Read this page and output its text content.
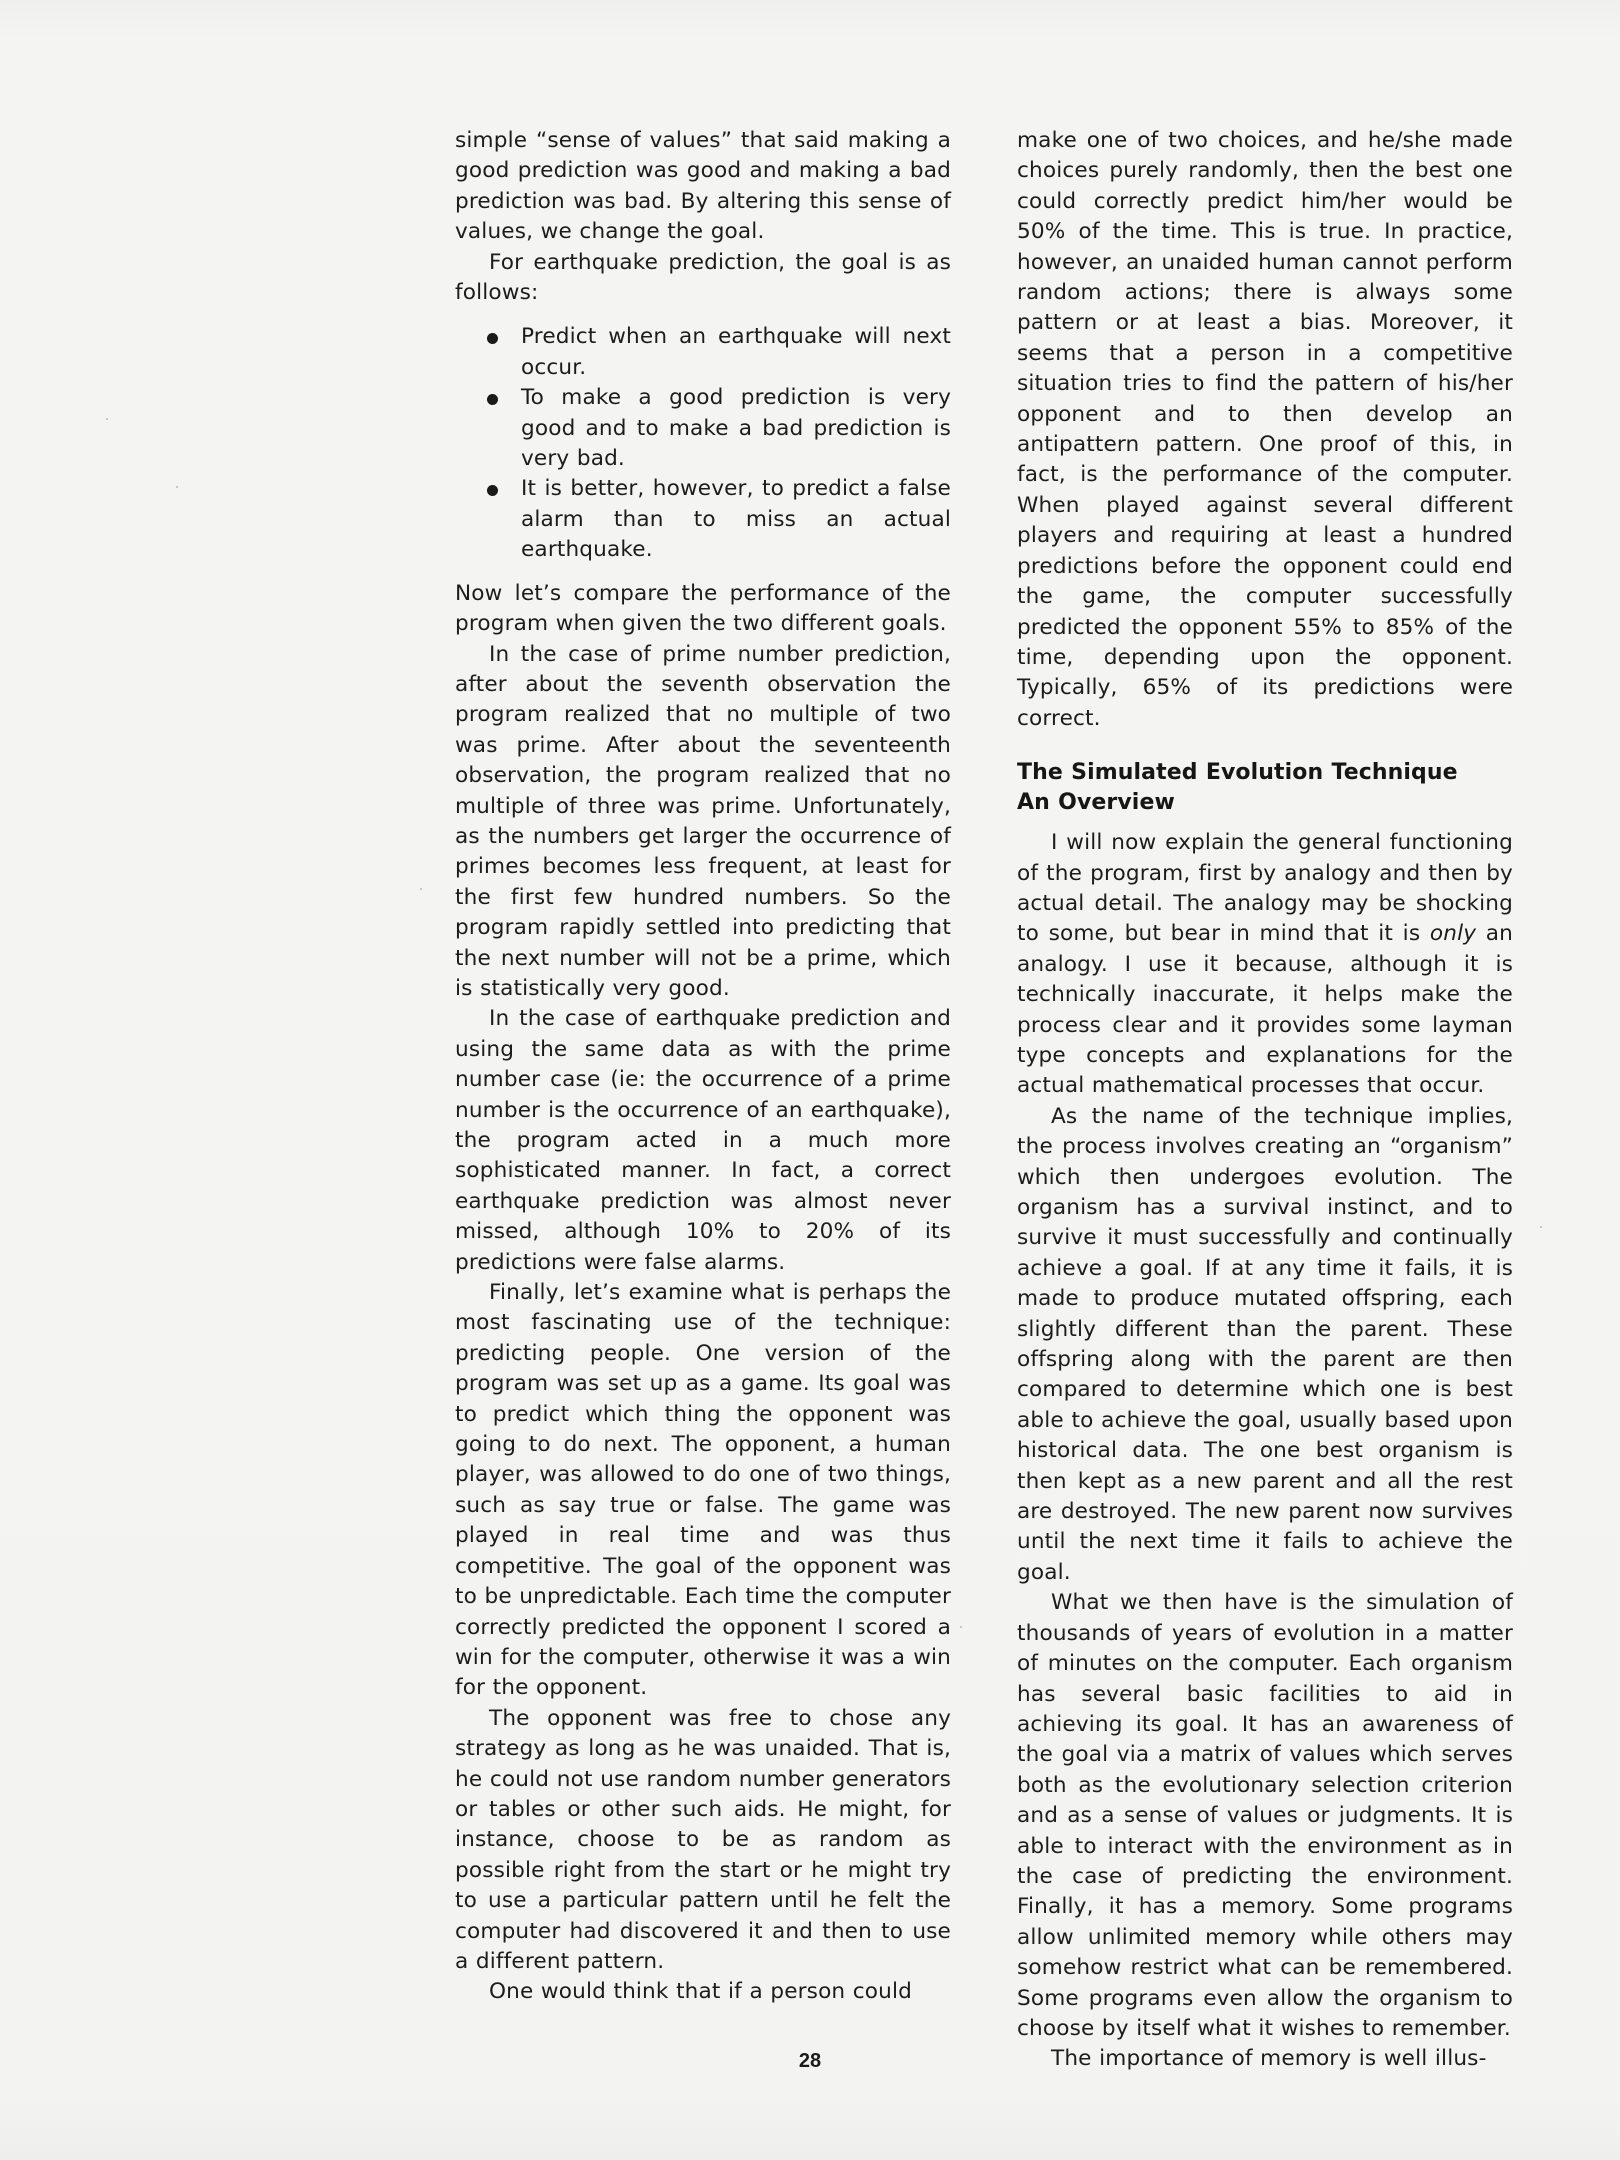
simple “sense of values” that said making a good prediction was good and making a bad prediction was bad. By altering this sense of values, we change the goal.

For earthquake prediction, the goal is as follows:

Predict when an earthquake will next occur.
To make a good prediction is very good and to make a bad prediction is very bad.
It is better, however, to predict a false alarm than to miss an actual earthquake.

Now let’s compare the performance of the program when given the two different goals.

In the case of prime number prediction, after about the seventh observation the program realized that no multiple of two was prime. After about the seventeenth observation, the program realized that no multiple of three was prime. Unfortunately, as the numbers get larger the occurrence of primes becomes less frequent, at least for the first few hundred numbers. So the program rapidly settled into predicting that the next number will not be a prime, which is statistically very good.

In the case of earthquake prediction and using the same data as with the prime number case (ie: the occurrence of a prime number is the occurrence of an earthquake), the program acted in a much more sophisticated manner. In fact, a correct earthquake prediction was almost never missed, although 10% to 20% of its predictions were false alarms.

Finally, let’s examine what is perhaps the most fascinating use of the technique: predicting people. One version of the program was set up as a game. Its goal was to predict which thing the opponent was going to do next. The opponent, a human player, was allowed to do one of two things, such as say true or false. The game was played in real time and was thus competitive. The goal of the opponent was to be unpredictable. Each time the computer correctly predicted the opponent I scored a win for the computer, otherwise it was a win for the opponent.

The opponent was free to chose any strategy as long as he was unaided. That is, he could not use random number generators or tables or other such aids. He might, for instance, choose to be as random as possible right from the start or he might try to use a particular pattern until he felt the computer had discovered it and then to use a different pattern.

One would think that if a person could

make one of two choices, and he/she made choices purely randomly, then the best one could correctly predict him/her would be 50% of the time. This is true. In practice, however, an unaided human cannot perform random actions; there is always some pattern or at least a bias. Moreover, it seems that a person in a competitive situation tries to find the pattern of his/her opponent and to then develop an antipattern pattern. One proof of this, in fact, is the performance of the computer. When played against several different players and requiring at least a hundred predictions before the opponent could end the game, the computer successfully predicted the opponent 55% to 85% of the time, depending upon the opponent. Typically, 65% of its predictions were correct.

The Simulated Evolution Technique
An Overview

I will now explain the general functioning of the program, first by analogy and then by actual detail. The analogy may be shocking to some, but bear in mind that it is only an analogy. I use it because, although it is technically inaccurate, it helps make the process clear and it provides some layman type concepts and explanations for the actual mathematical processes that occur.

As the name of the technique implies, the process involves creating an “organism” which then undergoes evolution. The organism has a survival instinct, and to survive it must successfully and continually achieve a goal. If at any time it fails, it is made to produce mutated offspring, each slightly different than the parent. These offspring along with the parent are then compared to determine which one is best able to achieve the goal, usually based upon historical data. The one best organism is then kept as a new parent and all the rest are destroyed. The new parent now survives until the next time it fails to achieve the goal.

What we then have is the simulation of thousands of years of evolution in a matter of minutes on the computer. Each organism has several basic facilities to aid in achieving its goal. It has an awareness of the goal via a matrix of values which serves both as the evolutionary selection criterion and as a sense of values or judgments. It is able to interact with the environment as in the case of predicting the environment. Finally, it has a memory. Some programs allow unlimited memory while others may somehow restrict what can be remembered. Some programs even allow the organism to choose by itself what it wishes to remember.

The importance of memory is well illus-

28
